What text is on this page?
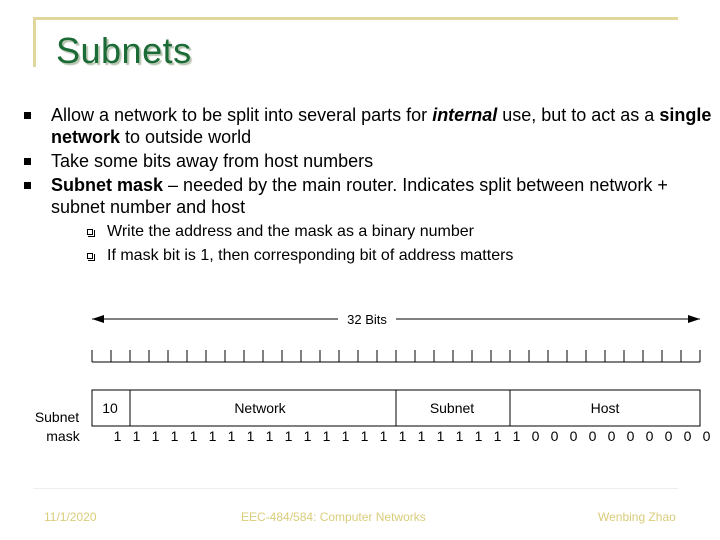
Subnets
Allow a network to be split into several parts for internal use, but to act as a single network to outside world
Take some bits away from host numbers
Subnet mask – needed by the main router. Indicates split between network + subnet number and host
Write the address and the mask as a binary number
If mask bit is 1, then corresponding bit of address matters
32 Bits
10	Network	Subnet	Host
Subnet
mask 1 1 1 1 1 1 1 1 1 1 1 1 1 1 1 1 1 1 1 1 1 1 0 0 0 0 0 0 0 0 0 0
11/1/2020	EEC-484/584: Computer Networks	Wenbing Zhao
